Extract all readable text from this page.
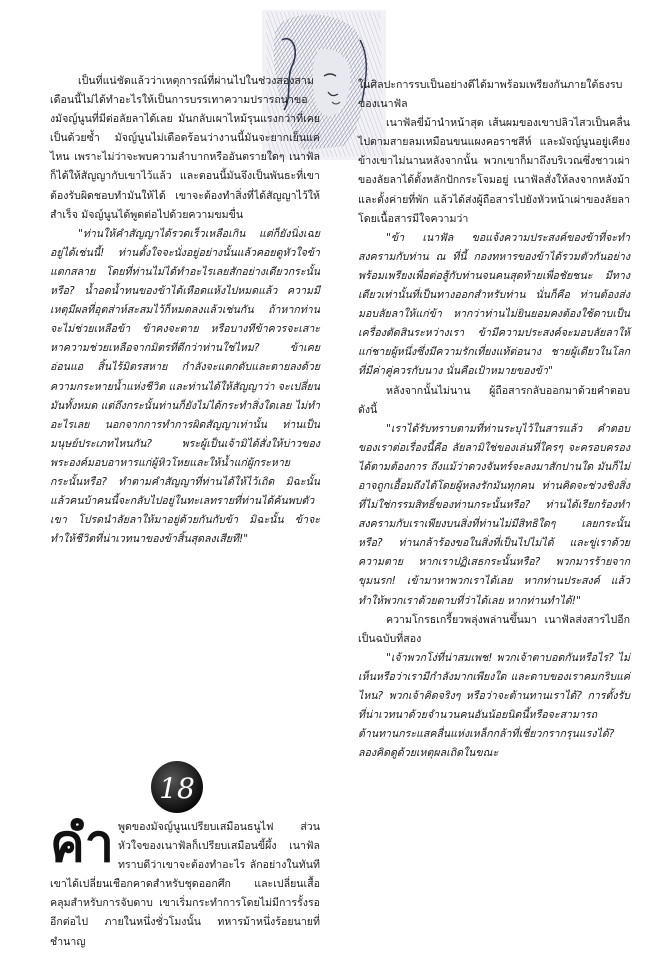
เป็นที่แน่ชัดแล้วว่าเหตุการณ์ที่ผ่านไปในช่วงสองสามเดือนนี้ไม่ได้ทำอะไรให้เป็นการบรรเทาความปรารถนาของมัจญ์นูนที่มีต่อลัยลาได้เลย มันกลับเผาไหม้รุนแรงกว่าที่เคยเป็นด้วยซ้ำ มัจญ์นูนไม่เดือดร้อนว่างานนี้มันจะยากเย็นแค่ไหน เพราะไม่ว่าจะพบความลำบากหรืออันตรายใดๆ เนาฟัลก็ได้ให้สัญญากับเขาไว้แล้ว และตอนนี้มันจึงเป็นพันธะที่เขาต้องรับผิดชอบทำมันให้ได้ เขาจะต้องทำสิ่งที่ได้สัญญาไว้ให้สำเร็จ มัจญ์นูนได้พูดต่อไปด้วยความขมขื่น

"ท่านให้คำสัญญาได้รวดเร็วเหลือเกิน แต่ก็ยังนิ่งเฉยอยู่ได้เช่นนี้! ท่านตั้งใจจะนั่งอยู่อย่างนั้นแล้วคอยดูหัวใจข้าแตกสลาย โดยที่ท่านไม่ได้ทำอะไรเลยสักอย่างเดียวกระนั้นหรือ? น้ำอดน้ำทนของข้าได้เหือดแห้งไปหมดแล้ว ความมีเหตุมีผลที่อุตส่าห์สะสมไว้ก็หมดลงแล้วเช่นกัน ถ้าหากท่านจะไม่ช่วยเหลือข้า ข้าคงจะตาย หรือบางทีข้าควรจะเสาะหาความช่วยเหลือจากมิตรที่ดีกว่าท่านใช่ไหม? ข้าเคยอ่อนแอ สิ้นไร้มิตรสหาย กำลังจะแตกดับและตายลงด้วยความกระหายน้ำแห่งชีวิต และท่านได้ให้สัญญาว่า จะเปลี่ยนมันทั้งหมด แต่ถึงกระนั้นท่านก็ยังไม่ได้กระทำสิ่งใดเลย ไม่ทำอะไรเลย นอกจากการทำการผิดสัญญาเท่านั้น ท่านเป็นมนุษย์ประเภทไหนกัน? พระผู้เป็นเจ้ามิได้สั่งให้บ่าวของพระองค์มอบอาหารแก่ผู้หิวโหยและให้น้ำแก่ผู้กระหายกระนั้นหรือ? ทำตามคำสัญญาที่ท่านได้ให้ไว้เถิด มิฉะนั้นแล้วคนบ้าคนนี้จะกลับไปอยู่ในทะเลทรายที่ท่านได้ค้นพบตัวเขา โปรดนำลัยลาให้มาอยู่ด้วยกันกับข้า มิฉะนั้น ข้าจะทำให้ชีวิตที่น่าเวทนาของข้าสิ้นสุดลงเสียที!"

18
คำ พูดของมัจญ์นูนเปรียบเสมือนธนูไฟ ส่วนหัวใจของเนาฟัลก็เปรียบเสมือนขี้ผึ้ง เนาฟัลทราบดีว่าเขาจะต้องทำอะไร ลักอย่างในทันที เขาได้เปลี่ยนเชือกคาดสำหรับชุดออกศึก และเปลี่ยนเสื้อคลุมสำหรับการจับดาบ เขาเริ่มกระทำการโดยไม่มีการรั้งรออีกต่อไป ภายในหนึ่งชั่วโมงนั้น ทหารม้าหนึ่งร้อยนายที่ชำนาญ

ในศิลปะการรบเป็นอย่างดีได้มาพร้อมเพรียงกันภายใต้ธงรบของเนาฟัล

เนาฟัลขี่ม้านำหน้าสุด เส้นผมของเขาปลิวไสวเป็นคลื่นไปตามสายลมเหมือนขนแผงคอราชสีห์ และมัจญ์นูนอยู่เคียงข้างเขาไม่นานหลังจากนั้น พวกเขาก็มาถึงบริเวณซึ่งชาวเผ่าของลัยลาได้ตั้งหลักปักกระโจมอยู่ เนาฟัลสั่งให้ลงจากหลังม้าและตั้งค่ายที่พัก แล้วได้ส่งผู้ถือสารไปยังหัวหน้าเผ่าของลัยลา โดยเนื้อสารมีใจความว่า

"ข้า เนาฟัล ขอแจ้งความประสงค์ของข้าที่จะทำสงครามกับท่าน ณ ที่นี้ กองทหารของข้าได้รวมตัวกันอย่างพร้อมเพรียงเพื่อต่อสู้กับท่านจนคนสุดท้ายเพื่อชัยชนะ มีทางเดียวเท่านั้นที่เป็นทางออกสำหรับท่าน นั่นก็คือ ท่านต้องส่งมอบลัยลาให้แก่ข้า หากว่าท่านไม่ยินยอมคงต้องใช้ดาบเป็นเครื่องตัดสินระหว่างเรา ข้ามีความประสงค์จะมอบลัยลาให้แก่ชายผู้หนึ่งซึ่งมีความรักเที่ยงแท้ต่อนาง ชายผู้เดียวในโลกที่มีค่าคู่ควรกับนาง นั่นคือเป้าหมายของข้า"

หลังจากนั้นไม่นาน ผู้ถือสารกลับออกมาด้วยคำตอบดังนี้

"เราได้รับทราบตามที่ท่านระบุไว้ในสารแล้ว คำตอบของเราต่อเรื่องนี้คือ ลัยลามิใช่ของเล่นที่ใครๆ จะครอบครองได้ตามต้องการ ถึงแม้ว่าดวงจันทร์จะลงมาสักปานใด มันก็ไม่อาจถูกเอื้อมถึงได้โดยผู้หลงรักมันทุกคน ท่านคิดจะช่วงชิงสิ่งที่ไม่ใช่กรรมสิทธิ์ของท่านกระนั้นหรือ? ท่านได้เรียกร้องทำสงครามกับเราเพียงบนสิ่งที่ท่านไม่มีสิทธิใดๆ เลยกระนั้นหรือ? ท่านกล้าร้องขอในสิ่งที่เป็นไปไม่ได้ และขู่เราด้วยความตาย หากเราปฏิเสธกระนั้นหรือ? พวกมารร้ายจากขุมนรก! เข้ามาหาพวกเราได้เลย หากท่านประสงค์ แล้วทำให้พวกเราด้วยดาบที่ว่าได้เลย หากท่านทำได้!"

ความโกรธเกรี้ยวพลุ่งพล่านขึ้นมา เนาฟัลส่งสารไปอีกเป็นฉบับที่สอง

"เจ้าพวกโง่ที่น่าสมเพช! พวกเจ้าตาบอดกันหรือไร? ไม่เห็นหรือว่าเรามีกำลังมากเพียงใด และดาบของเราคมกริบแค่ไหน? พวกเจ้าคิดจริงๆ หรือว่าจะต้านทานเราได้? การตั้งรับที่น่าเวทนาด้วยจำนวนคนอันน้อยนิดนี้หรือจะสามารถต้านทานกระแสคลื่นแห่งเหล็กกล้าที่เชี่ยวกรากรุนแรงได้? ลองคิดดูด้วยเหตุผลเถิดในขณะ
